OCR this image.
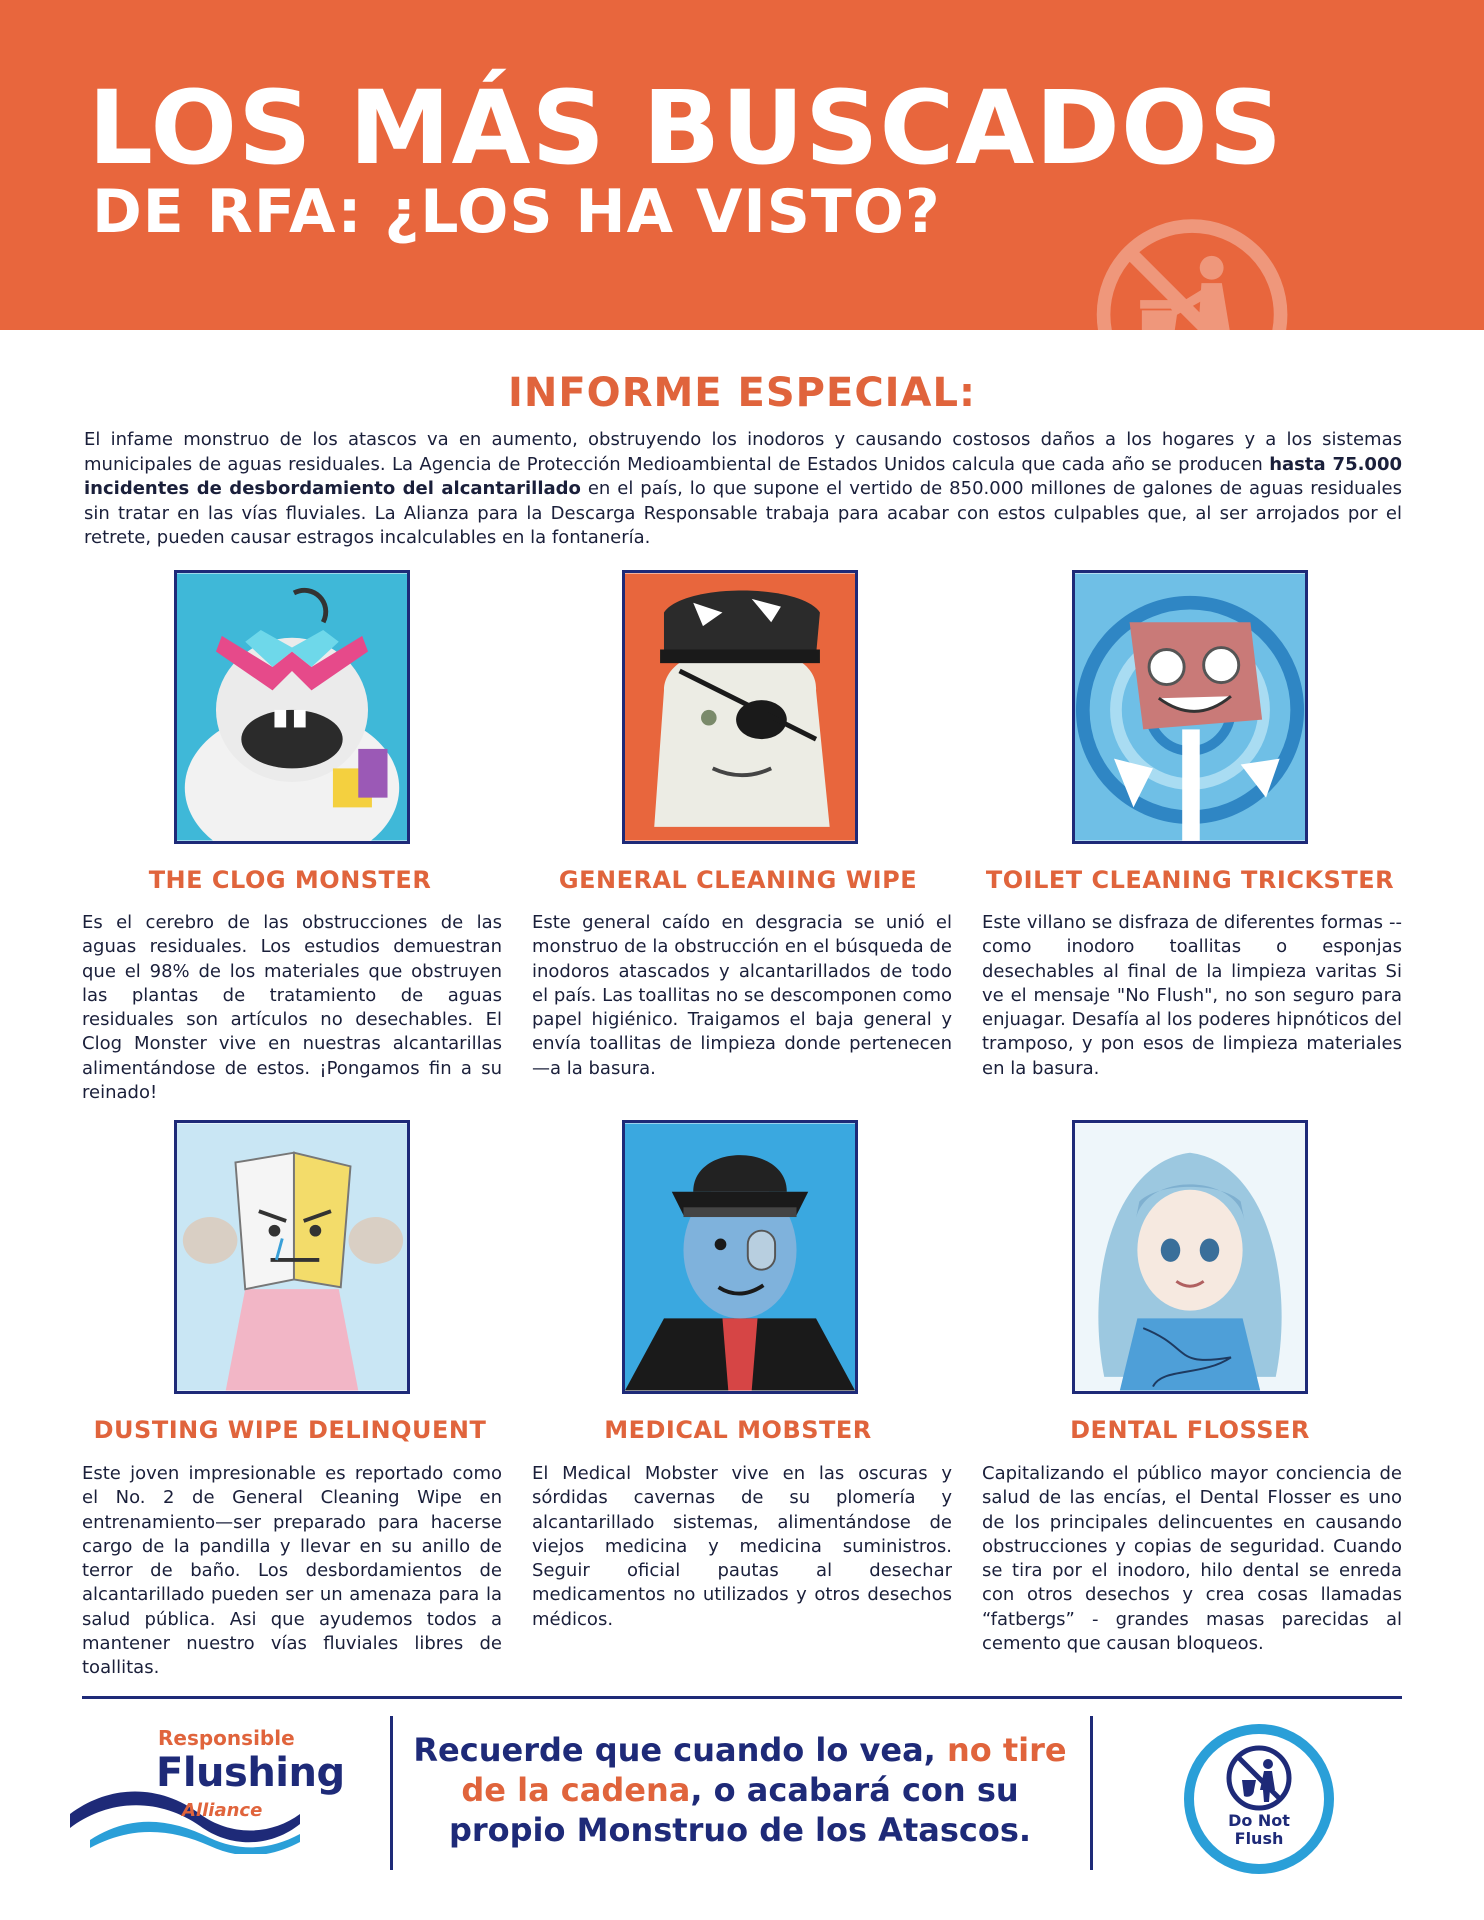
LOS MÁS BUSCADOS
DE RFA: ¿LOS HA VISTO?
INFORME ESPECIAL:
El infame monstruo de los atascos va en aumento, obstruyendo los inodoros y causando costosos daños a los hogares y a los sistemas municipales de aguas residuales. La Agencia de Protección Medioambiental de Estados Unidos calcula que cada año se producen hasta 75.000 incidentes de desbordamiento del alcantarillado en el país, lo que supone el vertido de 850.000 millones de galones de aguas residuales sin tratar en las vías fluviales. La Alianza para la Descarga Responsable trabaja para acabar con estos culpables que, al ser arrojados por el retrete, pueden causar estragos incalculables en la fontanería.
THE CLOG MONSTER	GENERAL CLEANING WIPE	TOILET CLEANING TRICKSTER

Es el cerebro de las obstrucciones de las aguas residuales. Los estudios demuestran que el 98% de los materiales que obstruyen las plantas de tratamiento de aguas residuales son artículos no desechables. El Clog Monster vive en nuestras alcantarillas alimentándose de estos. ¡Pongamos fin a su reinado!

Este general caído en desgracia se unió el monstruo de la obstrucción en el búsqueda de inodoros atascados y alcantarillados de todo el país. Las toallitas no se descomponen como papel higiénico. Traigamos el baja general y envía toallitas de limpieza donde pertenecen—a la basura.

Este villano se disfraza de diferentes formas -- como inodoro toallitas o esponjas desechables al final de la limpieza varitas Si ve el mensaje "No Flush", no son seguro para enjuagar. Desafía al los poderes hipnóticos del tramposo, y pon esos de limpieza materiales en la basura.

DUSTING WIPE DELINQUENT	MEDICAL MOBSTER	DENTAL FLOSSER

Este joven impresionable es reportado como el No. 2 de General Cleaning Wipe en entrenamiento—ser preparado para hacerse cargo de la pandilla y llevar en su anillo de terror de baño. Los desbordamientos de alcantarillado pueden ser un amenaza para la salud pública. Asi que ayudemos todos a mantener nuestro vías fluviales libres de toallitas.

El Medical Mobster vive en las oscuras y sórdidas cavernas de su plomería y alcantarillado sistemas, alimentándose de viejos medicina y medicina suministros. Seguir oficial pautas al desechar medicamentos no utilizados y otros desechos médicos.

Capitalizando el público mayor conciencia de salud de las encías, el Dental Flosser es uno de los principales delincuentes en causando obstrucciones y copias de seguridad. Cuando se tira por el inodoro, hilo dental se enreda con otros desechos y crea cosas llamadas “fatbergs” - grandes masas parecidas al cemento que causan bloqueos.

Responsible
Flushing
Alliance

Recuerde que cuando lo vea, no tire de la cadena, o acabará con su propio Monstruo de los Atascos.	Do Not
Flush
